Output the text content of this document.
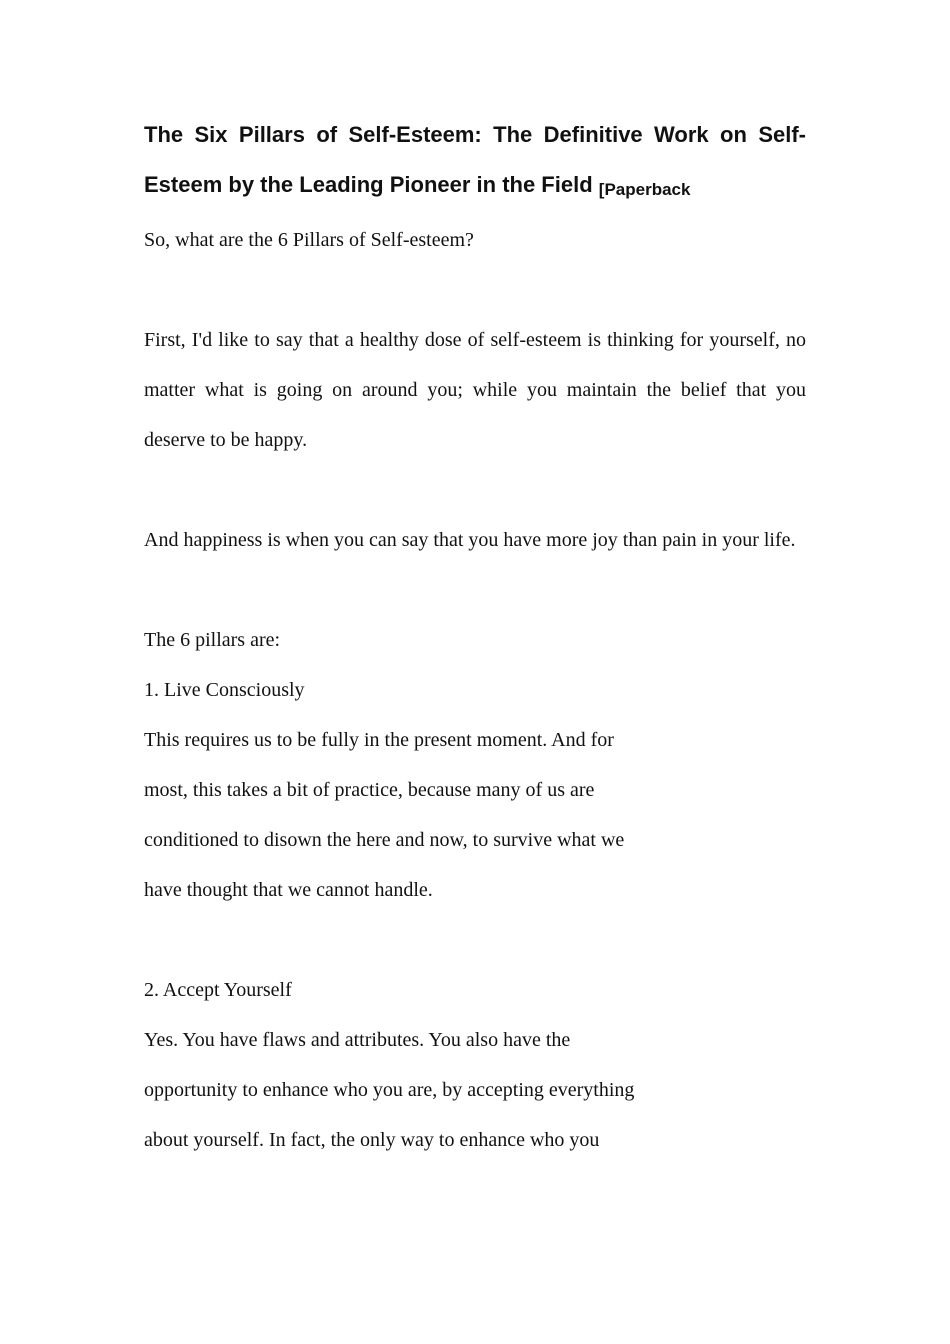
The Six Pillars of Self-Esteem: The Definitive Work on Self-Esteem by the Leading Pioneer in the Field [Paperback

So, what are the 6 Pillars of Self-esteem?

First, I'd like to say that a healthy dose of self-esteem is thinking for yourself, no matter what is going on around you; while you maintain the belief that you deserve to be happy.

And happiness is when you can say that you have more joy than pain in your life.

The 6 pillars are:

1. Live Consciously

This requires us to be fully in the present moment. And for
most, this takes a bit of practice, because many of us are
conditioned to disown the here and now, to survive what we
have thought that we cannot handle.

2. Accept Yourself

Yes. You have flaws and attributes. You also have the
opportunity to enhance who you are, by accepting everything
about yourself. In fact, the only way to enhance who you
